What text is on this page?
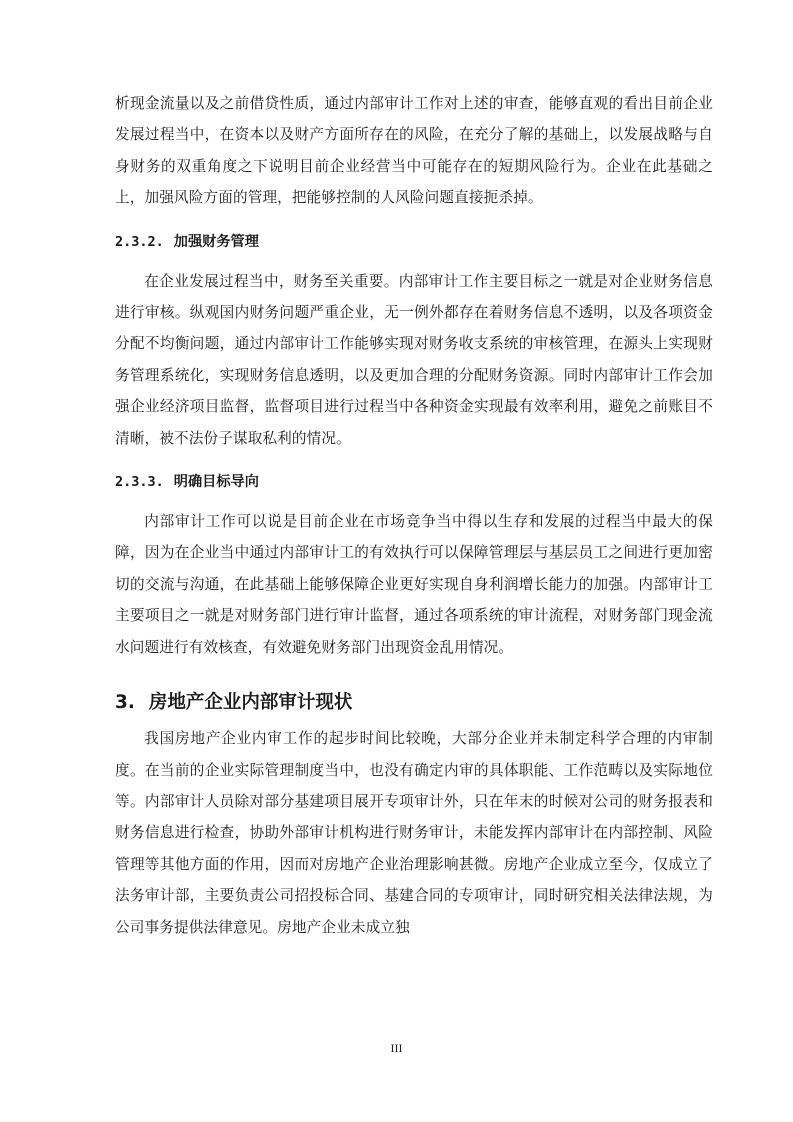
析现金流量以及之前借贷性质，通过内部审计工作对上述的审查，能够直观的看出目前企业发展过程当中，在资本以及财产方面所存在的风险，在充分了解的基础上，以发展战略与自身财务的双重角度之下说明目前企业经营当中可能存在的短期风险行为。企业在此基础之上，加强风险方面的管理，把能够控制的人风险问题直接扼杀掉。

2.3.2. 加强财务管理

在企业发展过程当中，财务至关重要。内部审计工作主要目标之一就是对企业财务信息进行审核。纵观国内财务问题严重企业，无一例外都存在着财务信息不透明，以及各项资金分配不均衡问题，通过内部审计工作能够实现对财务收支系统的审核管理，在源头上实现财务管理系统化，实现财务信息透明，以及更加合理的分配财务资源。同时内部审计工作会加强企业经济项目监督，监督项目进行过程当中各种资金实现最有效率利用，避免之前账目不清晰，被不法份子谋取私利的情况。

2.3.3. 明确目标导向

内部审计工作可以说是目前企业在市场竞争当中得以生存和发展的过程当中最大的保障，因为在企业当中通过内部审计工的有效执行可以保障管理层与基层员工之间进行更加密切的交流与沟通，在此基础上能够保障企业更好实现自身利润增长能力的加强。内部审计工主要项目之一就是对财务部门进行审计监督，通过各项系统的审计流程，对财务部门现金流水问题进行有效核查，有效避免财务部门出现资金乱用情况。

3. 房地产企业内部审计现状

我国房地产企业内审工作的起步时间比较晚，大部分企业并未制定科学合理的内审制度。在当前的企业实际管理制度当中，也没有确定内审的具体职能、工作范畴以及实际地位等。内部审计人员除对部分基建项目展开专项审计外，只在年末的时候对公司的财务报表和财务信息进行检查，协助外部审计机构进行财务审计，未能发挥内部审计在内部控制、风险管理等其他方面的作用，因而对房地产企业治理影响甚微。房地产企业成立至今，仅成立了法务审计部，主要负责公司招投标合同、基建合同的专项审计，同时研究相关法律法规，为公司事务提供法律意见。房地产企业未成立独

III
